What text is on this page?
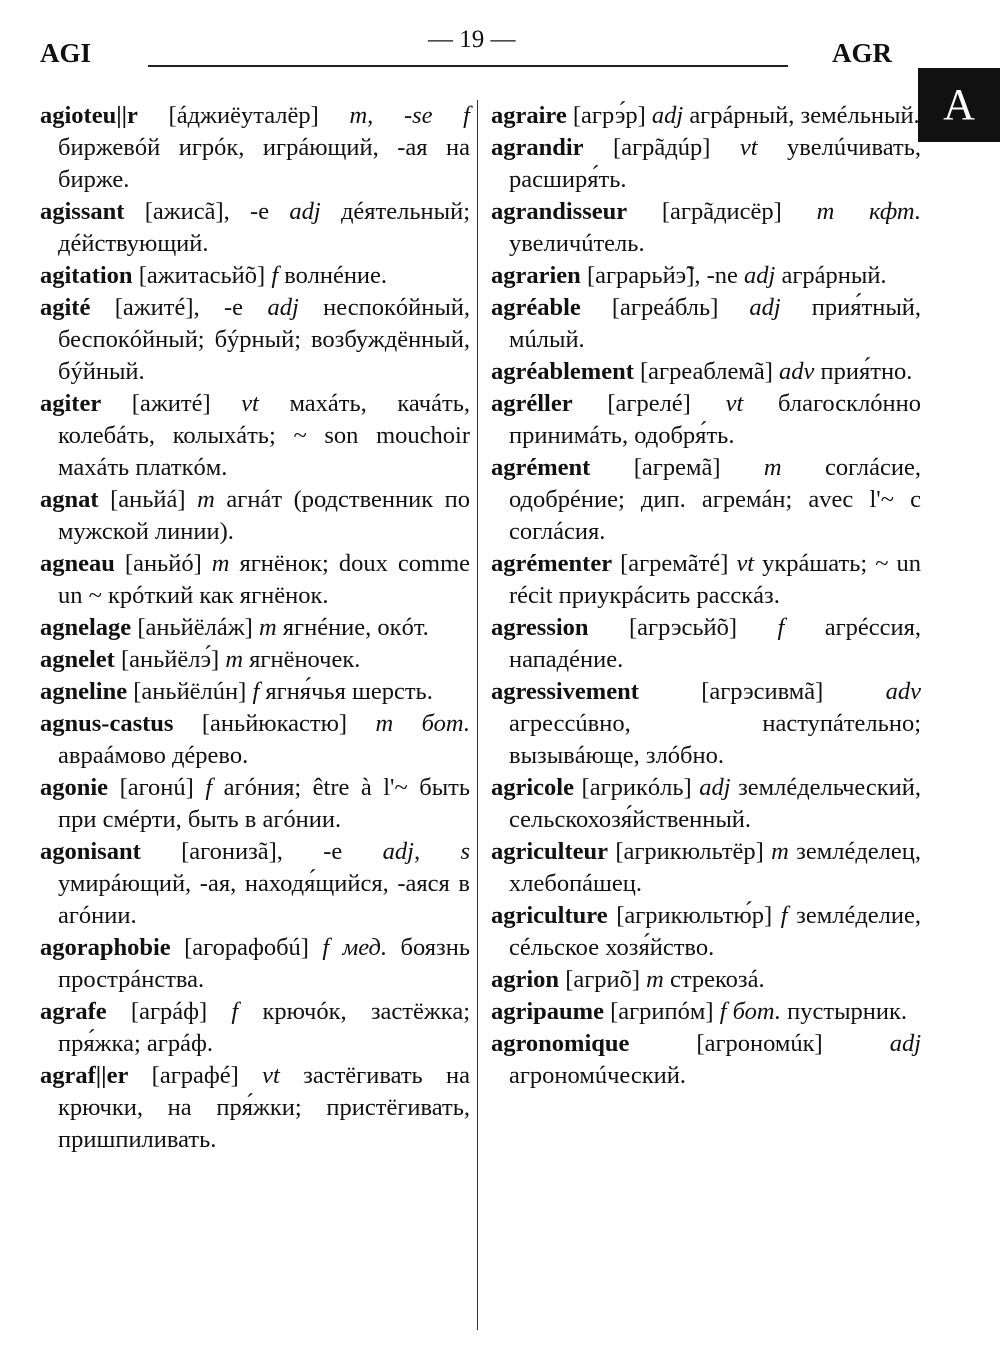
AGI	— 19 —	AGR
A
agioteu||r [áджиёуталёр] m, -se f биржевóй игрóк, игрáющий, -ая на бирже.
agissant [ажисã], -e adj дéятельный; дéйствующий.
agitation [ажитасьйõ] f волнéние.
agité [ажитé], -e adj неспокóйный, беспокóйный; бýрный; возбуждённый, бýйный.
agiter [ажитé] vt махáть, качáть, колебáть, колыхáть; ~ son mouchoir махáть платкóм.
agnat [аньйá] m агнáт (родственник по мужской линии).
agneau [аньйó] m ягнёнок; doux comme un ~ крóткий как ягнёнок.
agnelage [аньйёлáж] m ягнéние, окóт.
agnelet [аньйёлэ́] m ягнёночек.
agneline [аньйёлúн] f ягня́чья шерсть.
agnus-castus [аньйюкастю] m бот. авраáмово дéрево.
agonie [агонú] f агóния; être à l'~ быть при смéрти, быть в агóнии.
agonisant [агонизã], -e adj, s умирáющий, -ая, находя́щийся, -аяся в агóнии.
agoraphobie [агорафобú] f мед. боязнь прострáнства.
agrafe [агрáф] f крючóк, застёжка; пря́жка; агрáф.
agraf||er [аграфé] vt застёгивать на крючки, на пря́жки; пристёгивать, пришпиливать.
agraire [агрэ́р] adj агрáрный, земéльный.
agrandir [агрãдúр] vt увелúчивать, расширя́ть.
agrandisseur [агрãдисёр] m кфт. увеличúтель.
agrarien [аграрьйэ̃], -ne adj агрáрный.
agréable [агреáбль] adj прия́тный, мúлый.
agréablement [агреаблемã] adv прия́тно.
agréller [агрелé] vt благосклóнно принимáть, одобря́ть.
agrément [агремã] m соглáсие, одобрéние; дип. агремáн; avec l'~ с соглáсия.
agrémenter [агремãтé] vt укрáшать; ~ un récit приукрáсить расскáз.
agression [агрэсьйõ] f агрéссия, нападéние.
agressivement	[агрэсивмã]	adv агрессúвно, наступáтельно; вызывáюще, злóбно.
agricole [агрикóль] adj землéдельческий, сельскохозя́йственный.
agriculteur [агрикюльтёр] m землéделец, хлебопáшец.
agriculture [агрикюльтю́р] f землéделие, сéльское хозя́йство.
agrion [агриõ] m стрекозá.
agripaume [агрипóм] f бот. пустырник.
agronomique	[агрономúк]	adj агрономúческий.
